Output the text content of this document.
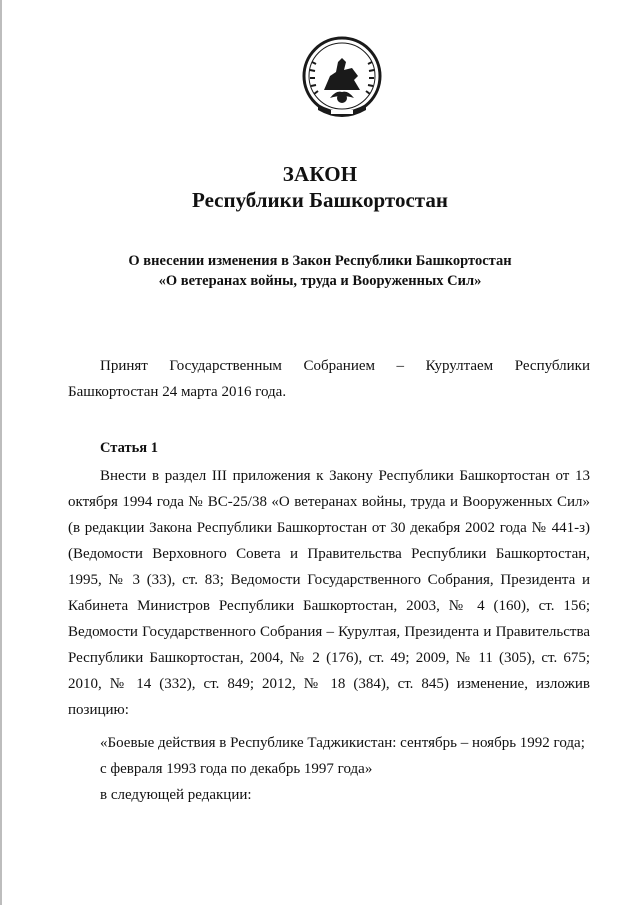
ЗАКОН
Республики Башкортостан
О внесении изменения в Закон Республики Башкортостан
«О ветеранах войны, труда и Вооруженных Сил»
Принят Государственным Собранием – Курултаем Республики Башкортостан 24 марта 2016 года.
Статья 1
Внести в раздел III приложения к Закону Республики Башкортостан от 13 октября 1994 года № ВС-25/38 «О ветеранах войны, труда и Вооруженных Сил» (в редакции Закона Республики Башкортостан от 30 декабря 2002 года № 441-з) (Ведомости Верховного Совета и Правительства Республики Башкортостан, 1995, № 3 (33), ст. 83; Ведомости Государственного Собрания, Президента и Кабинета Министров Республики Башкортостан, 2003, № 4 (160), ст. 156; Ведомости Государственного Собрания – Курултая, Президента и Правительства Республики Башкортостан, 2004, № 2 (176), ст. 49; 2009, № 11 (305), ст. 675; 2010, № 14 (332), ст. 849; 2012, № 18 (384), ст. 845) изменение, изложив позицию:
«Боевые действия в Республике Таджикистан: сентябрь – ноябрь 1992 года;
с февраля 1993 года по декабрь 1997 года»
в следующей редакции:
